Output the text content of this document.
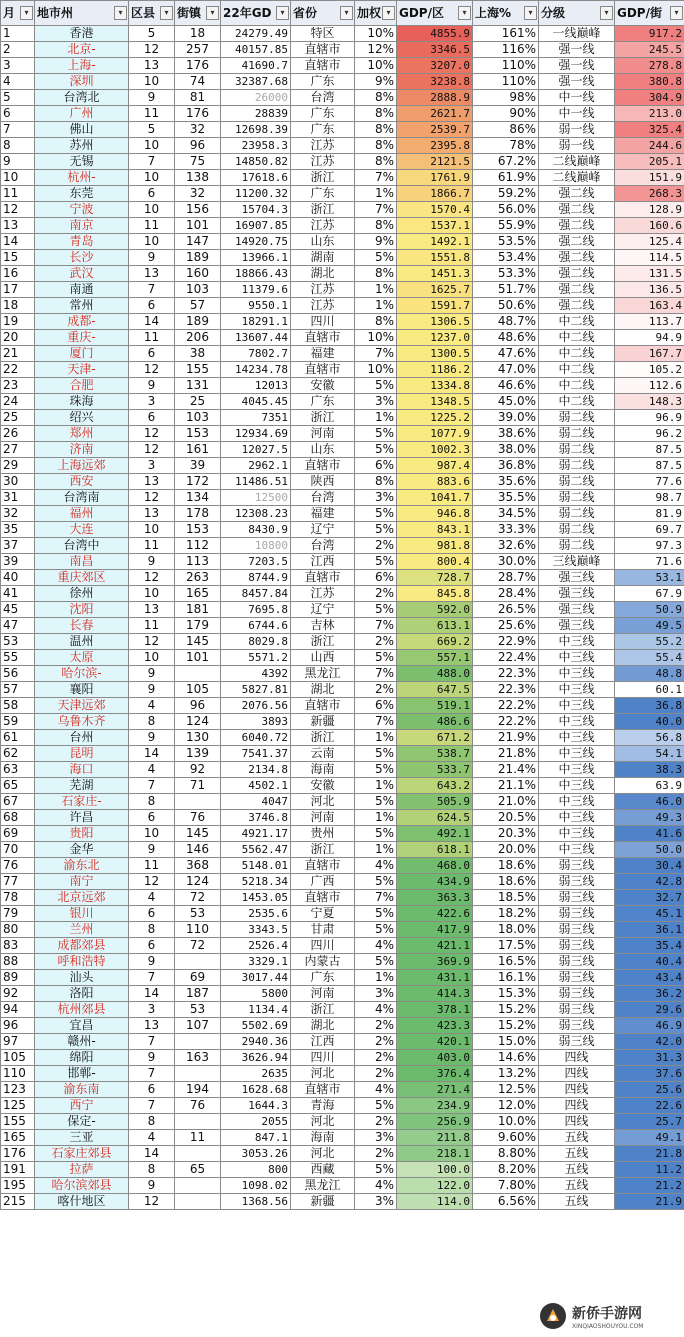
月 ▾	地市州 ▾	区县 ▾	街镇 ▾	22年GD ▾	省份 ▾	加权 ▾	GDP/区 ▾	上海% ▾	分级 ▾	GDP/街 ▾

1	香港	5	18	24279.49	特区	10%	4855.9	161%	一线巅峰	917.2
2	北京-	12	257	40157.85	直辖市	12%	3346.5	116%	强一线	245.5
3	上海-	13	176	41690.7	直辖市	10%	3207.0	110%	强一线	278.8
4	深圳	10	74	32387.68	广东	9%	3238.8	110%	强一线	380.8
5	台湾北	9	81	26000	台湾	8%	2888.9	98%	中一线	304.9
6	广州	11	176	28839	广东	8%	2621.7	90%	中一线	213.0
7	佛山	5	32	12698.39	广东	8%	2539.7	86%	弱一线	325.4
8	苏州	10	96	23958.3	江苏	8%	2395.8	78%	弱一线	244.6
9	无锡	7	75	14850.82	江苏	8%	2121.5	67.2%	二线巅峰	205.1
10	杭州-	10	138	17618.6	浙江	7%	1761.9	61.9%	二线巅峰	151.9
11	东莞	6	32	11200.32	广东	1%	1866.7	59.2%	强二线	268.3
12	宁波	10	156	15704.3	浙江	7%	1570.4	56.0%	强二线	128.9
13	南京	11	101	16907.85	江苏	8%	1537.1	55.9%	强二线	160.6
14	青岛	10	147	14920.75	山东	9%	1492.1	53.5%	强二线	125.4
15	长沙	9	189	13966.1	湖南	5%	1551.8	53.4%	强二线	114.5
16	武汉	13	160	18866.43	湖北	8%	1451.3	53.3%	强二线	131.5
17	南通	7	103	11379.6	江苏	1%	1625.7	51.7%	强二线	136.5
18	常州	6	57	9550.1	江苏	1%	1591.7	50.6%	强二线	163.4
19	成都-	14	189	18291.1	四川	8%	1306.5	48.7%	中二线	113.7
20	重庆-	11	206	13607.44	直辖市	10%	1237.0	48.6%	中二线	94.9
21	厦门	6	38	7802.7	福建	7%	1300.5	47.6%	中二线	167.7
22	天津-	12	155	14234.78	直辖市	10%	1186.2	47.0%	中二线	105.2
23	合肥	9	131	12013	安徽	5%	1334.8	46.6%	中二线	112.6
24	珠海	3	25	4045.45	广东	3%	1348.5	45.0%	中二线	148.3
25	绍兴	6	103	7351	浙江	1%	1225.2	39.0%	弱二线	96.9
26	郑州	12	153	12934.69	河南	5%	1077.9	38.6%	弱二线	96.2
27	济南	12	161	12027.5	山东	5%	1002.3	38.0%	弱二线	87.5
29	上海远郊	3	39	2962.1	直辖市	6%	987.4	36.8%	弱二线	87.5
30	西安	13	172	11486.51	陕西	8%	883.6	35.6%	弱二线	77.6
31	台湾南	12	134	12500	台湾	3%	1041.7	35.5%	弱二线	98.7
32	福州	13	178	12308.23	福建	5%	946.8	34.5%	弱二线	81.9
35	大连	10	153	8430.9	辽宁	5%	843.1	33.3%	弱二线	69.7
37	台湾中	11	112	10800	台湾	2%	981.8	32.6%	弱二线	97.3
39	南昌	9	113	7203.5	江西	5%	800.4	30.0%	三线巅峰	71.6
40	重庆郊区	12	263	8744.9	直辖市	6%	728.7	28.7%	强三线	53.1
41	徐州	10	165	8457.84	江苏	2%	845.8	28.4%	强三线	67.9
45	沈阳	13	181	7695.8	辽宁	5%	592.0	26.5%	强三线	50.9
47	长春	11	179	6744.6	吉林	7%	613.1	25.6%	强三线	49.5
53	温州	12	145	8029.8	浙江	2%	669.2	22.9%	中三线	55.2
55	太原	10	101	5571.2	山西	5%	557.1	22.4%	中三线	55.4
56	哈尔滨-	9		4392	黑龙江	7%	488.0	22.3%	中三线	48.8
57	襄阳	9	105	5827.81	湖北	2%	647.5	22.3%	中三线	60.1
58	天津远郊	4	96	2076.56	直辖市	6%	519.1	22.2%	中三线	36.8
59	乌鲁木齐	8	124	3893	新疆	7%	486.6	22.2%	中三线	40.0
61	台州	9	130	6040.72	浙江	1%	671.2	21.9%	中三线	56.8
62	昆明	14	139	7541.37	云南	5%	538.7	21.8%	中三线	54.1
63	海口	4	92	2134.8	海南	5%	533.7	21.4%	中三线	38.3
65	芜湖	7	71	4502.1	安徽	1%	643.2	21.1%	中三线	63.9
67	石家庄-	8		4047	河北	5%	505.9	21.0%	中三线	46.0
68	许昌	6	76	3746.8	河南	1%	624.5	20.5%	中三线	49.3
69	贵阳	10	145	4921.17	贵州	5%	492.1	20.3%	中三线	41.6
70	金华	9	146	5562.47	浙江	1%	618.1	20.0%	中三线	50.0
76	渝东北	11	368	5148.01	直辖市	4%	468.0	18.6%	弱三线	30.4
77	南宁	12	124	5218.34	广西	5%	434.9	18.6%	弱三线	42.8
78	北京远郊	4	72	1453.05	直辖市	7%	363.3	18.5%	弱三线	32.7
79	银川	6	53	2535.6	宁夏	5%	422.6	18.2%	弱三线	45.1
80	兰州	8	110	3343.5	甘肃	5%	417.9	18.0%	弱三线	36.1
83	成都郊县	6	72	2526.4	四川	4%	421.1	17.5%	弱三线	35.4
88	呼和浩特	9		3329.1	内蒙古	5%	369.9	16.5%	弱三线	40.4
89	汕头	7	69	3017.44	广东	1%	431.1	16.1%	弱三线	43.4
92	洛阳	14	187	5800	河南	3%	414.3	15.3%	弱三线	36.2
94	杭州郊县	3	53	1134.4	浙江	4%	378.1	15.2%	弱三线	29.6
96	宜昌	13	107	5502.69	湖北	2%	423.3	15.2%	弱三线	46.9
97	赣州-	7		2940.36	江西	2%	420.1	15.0%	弱三线	42.0
105	绵阳	9	163	3626.94	四川	2%	403.0	14.6%	四线	31.3
110	邯郸-	7		2635	河北	2%	376.4	13.2%	四线	37.6
123	渝东南	6	194	1628.68	直辖市	4%	271.4	12.5%	四线	25.6
125	西宁	7	76	1644.3	青海	5%	234.9	12.0%	四线	22.6
155	保定-	8		2055	河北	2%	256.9	10.0%	四线	25.7
165	三亚	4	11	847.1	海南	3%	211.8	9.60%	五线	49.1
176	石家庄郊县	14		3053.26	河北	2%	218.1	8.80%	五线	21.8
191	拉萨	8	65	800	西藏	5%	100.0	8.20%	五线	11.2
195	哈尔滨郊县	9		1098.02	黑龙江	4%	122.0	7.80%	五线	21.2
215	喀什地区	12		1368.56	新疆	3%	114.0	6.56%	五线	21.9
新侨手游网
XINQIAOSHOUYOU.COM
